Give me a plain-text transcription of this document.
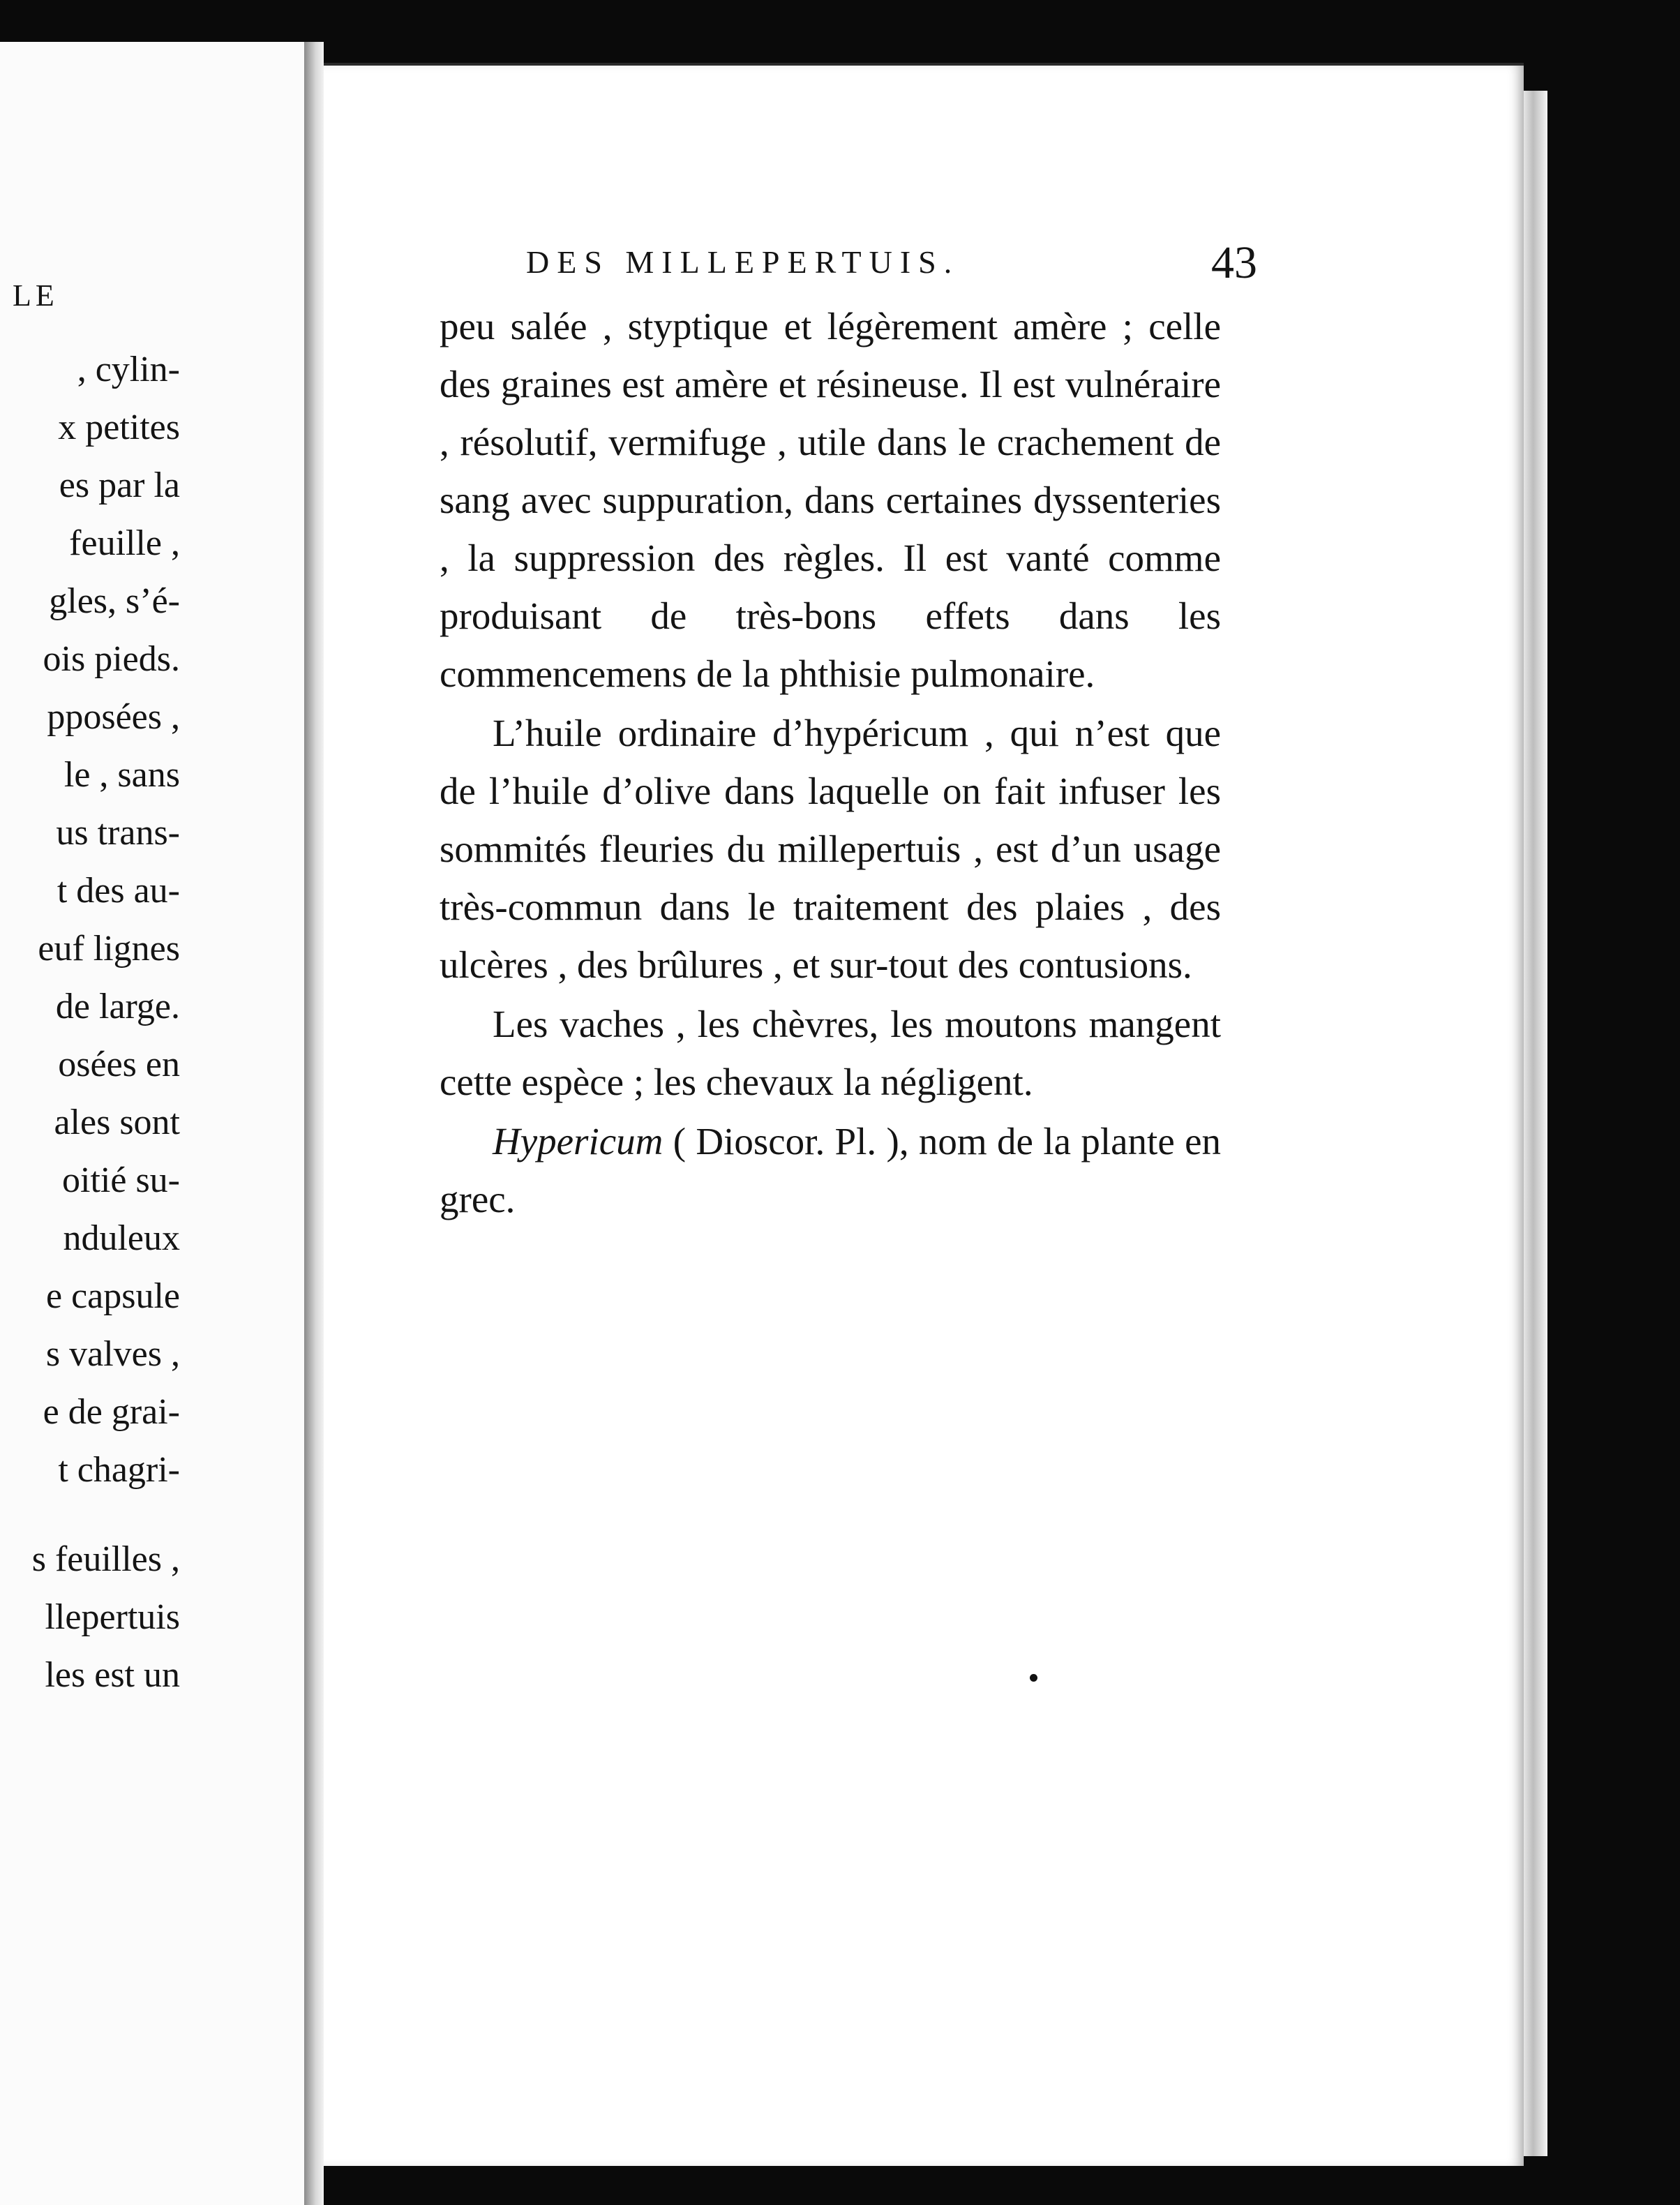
LE
, cylin-
x petites
es par la
feuille ,
gles, s’é-
ois pieds.
pposées ,
le , sans
us trans-
t des au-
euf lignes
de large.
osées en
ales sont
oitié su-
nduleux
e capsule
s valves ,
e de grai-
t chagri-
s feuilles ,
llepertuis
les est un
DES MILLEPERTUIS.	43

peu salée , styptique et légèrement amère ; celle des graines est amère et résineuse. Il est vulnéraire , résolutif, vermifuge , utile dans le crachement de sang avec suppuration, dans certaines dyssenteries , la suppression des règles. Il est vanté comme produisant de très-bons effets dans les commencemens de la phthisie pulmonaire.

L’huile ordinaire d’hypéricum , qui n’est que de l’huile d’olive dans laquelle on fait infuser les sommités fleuries du millepertuis , est d’un usage très-commun dans le traitement des plaies , des ulcères , des brûlures , et sur-tout des contusions.

Les vaches , les chèvres, les moutons mangent cette espèce ; les chevaux la négligent.

Hypericum ( Dioscor. Pl. ), nom de la plante en grec.
